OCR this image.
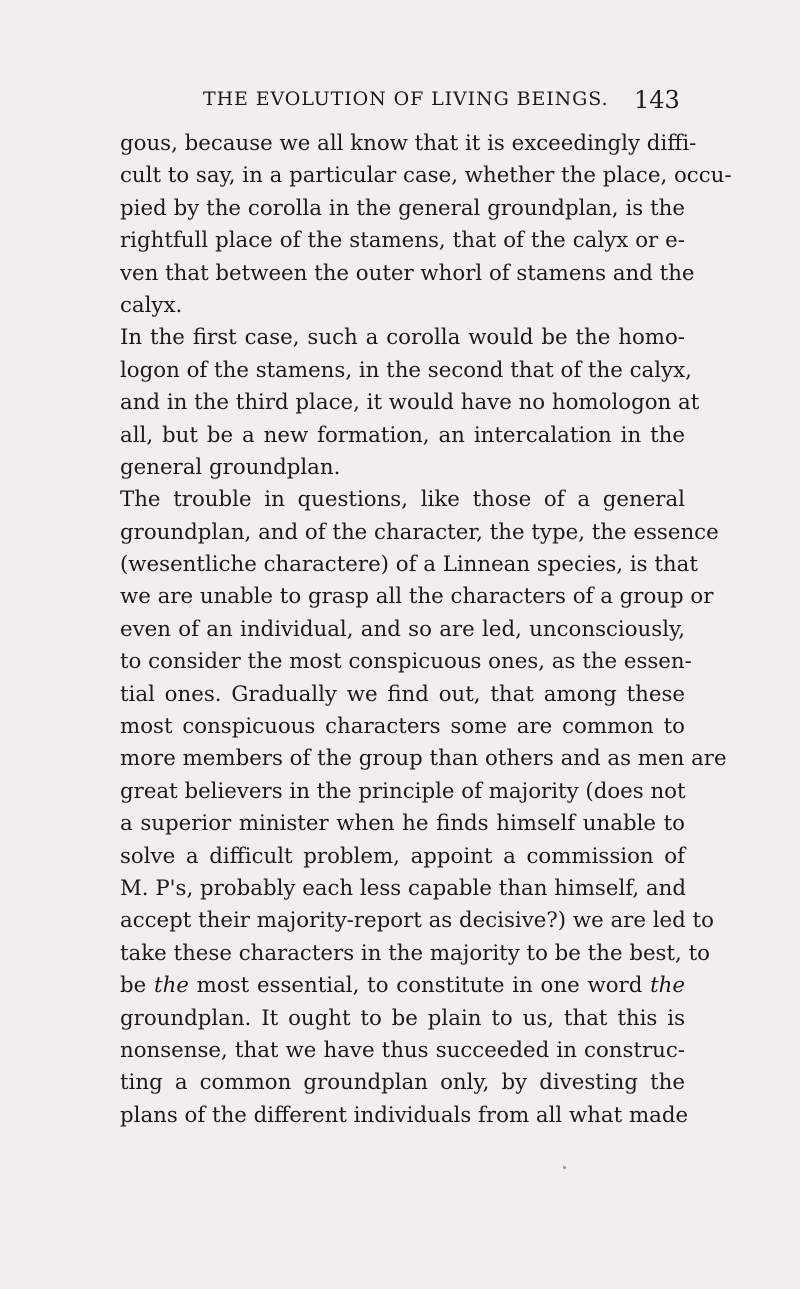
THE EVOLUTION OF LIVING BEINGS.	143
gous, because we all know that it is exceedingly diffi-
cult to say, in a particular case, whether the place, occu-
pied by the corolla in the general groundplan, is the
rightfull place of the stamens, that of the calyx or e-
ven that between the outer whorl of stamens and the
calyx.
In the first case, such a corolla would be the homo-
logon of the stamens, in the second that of the calyx,
and in the third place, it would have no homologon at
all, but be a new formation, an intercalation in the
general groundplan.
The trouble in questions, like those of a general
groundplan, and of the character, the type, the essence
(wesentliche charactere) of a Linnean species, is that
we are unable to grasp all the characters of a group or
even of an individual, and so are led, unconsciously,
to consider the most conspicuous ones, as the essen-
tial ones. Gradually we find out, that among these
most conspicuous characters some are common to
more members of the group than others and as men are
great believers in the principle of majority (does not
a superior minister when he finds himself unable to
solve a difficult problem, appoint a commission of
M. P's, probably each less capable than himself, and
accept their majority-report as decisive?) we are led to
take these characters in the majority to be the best, to
be the most essential, to constitute in one word the
groundplan. It ought to be plain to us, that this is
nonsense, that we have thus succeeded in construc-
ting a common groundplan only, by divesting the
plans of the different individuals from all what made
